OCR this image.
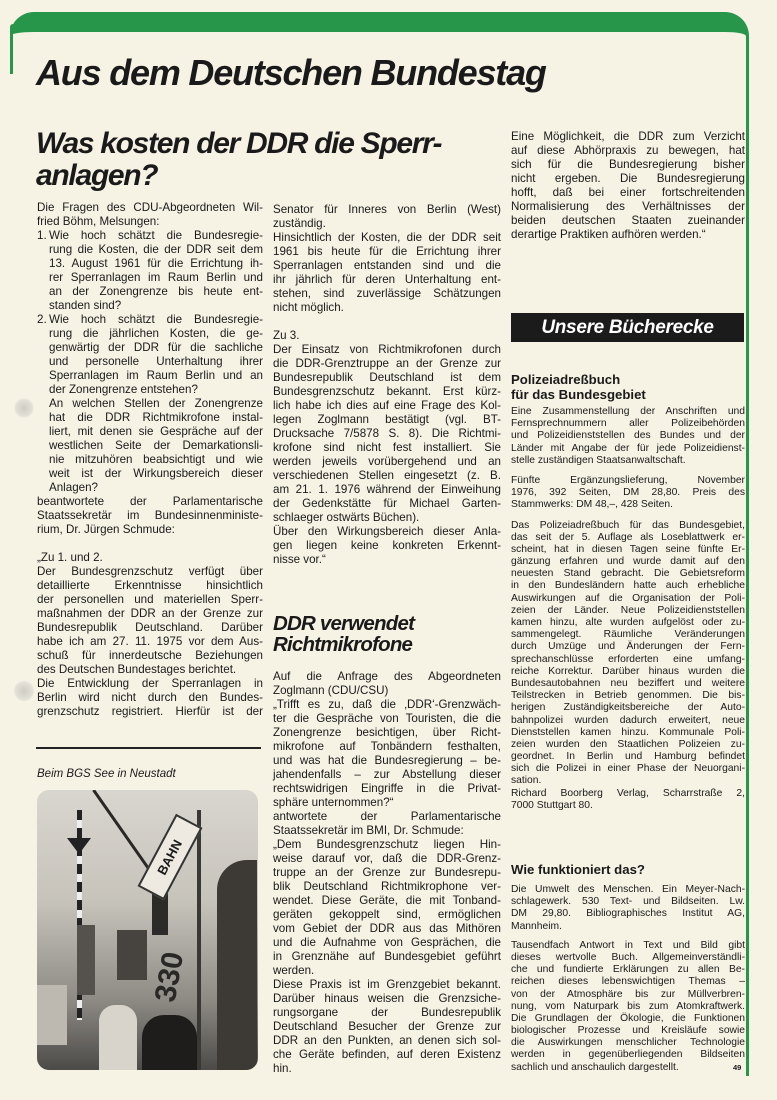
Aus dem Deutschen Bundestag
Was kosten der DDR die Sperr-
anlagen?
Die Fragen des CDU-Abgeordneten Wil-
fried Böhm, Melsungen:
1. Wie hoch schätzt die Bundesregie-
rung die Kosten, die der DDR seit dem
13. August 1961 für die Errichtung ih-
rer Sperranlagen im Raum Berlin und
an der Zonengrenze bis heute ent-
standen sind?
2. Wie hoch schätzt die Bundesregie-
rung die jährlichen Kosten, die ge-
genwärtig der DDR für die sachliche
und personelle Unterhaltung ihrer
Sperranlagen im Raum Berlin und an
der Zonengrenze entstehen?
An welchen Stellen der Zonengrenze
hat die DDR Richtmikrofone instal-
liert, mit denen sie Gespräche auf der
westlichen Seite der Demarkationsli-
nie mitzuhören beabsichtigt und wie
weit ist der Wirkungsbereich dieser
Anlagen?
beantwortete der Parlamentarische
Staatssekretär im Bundesinnenministe-
rium, Dr. Jürgen Schmude:
„Zu 1. und 2.
Der Bundesgrenzschutz verfügt über
detaillierte Erkenntnisse hinsichtlich
der personellen und materiellen Sperr-
maßnahmen der DDR an der Grenze zur
Bundesrepublik Deutschland. Darüber
habe ich am 27. 11. 1975 vor dem Aus-
schuß für innerdeutsche Beziehungen
des Deutschen Bundestages berichtet.
Die Entwicklung der Sperranlagen in
Berlin wird nicht durch den Bundes-
grenzschutz registriert. Hierfür ist der
Beim BGS See in Neustadt
BAHN
330
Senator für Inneres von Berlin (West)
zuständig.
Hinsichtlich der Kosten, die der DDR seit
1961 bis heute für die Errichtung ihrer
Sperranlagen entstanden sind und die
ihr jährlich für deren Unterhaltung ent-
stehen, sind zuverlässige Schätzungen
nicht möglich.
Zu 3.
Der Einsatz von Richtmikrofonen durch
die DDR-Grenztruppe an der Grenze zur
Bundesrepublik Deutschland ist dem
Bundesgrenzschutz bekannt. Erst kürz-
lich habe ich dies auf eine Frage des Kol-
legen Zoglmann bestätigt (vgl. BT-
Drucksache 7/5878 S. 8). Die Richtmi-
krofone sind nicht fest installiert. Sie
werden jeweils vorübergehend und an
verschiedenen Stellen eingesetzt (z. B.
am 21. 1. 1976 während der Einweihung
der Gedenkstätte für Michael Garten-
schlaeger ostwärts Büchen).
Über den Wirkungsbereich dieser Anla-
gen liegen keine konkreten Erkennt-
nisse vor.“
DDR verwendet
Richtmikrofone
Auf die Anfrage des Abgeordneten
Zoglmann (CDU/CSU)
„Trifft es zu, daß die ‚DDR‘-Grenzwäch-
ter die Gespräche von Touristen, die die
Zonengrenze besichtigen, über Richt-
mikrofone auf Tonbändern festhalten,
und was hat die Bundesregierung – be-
jahendenfalls – zur Abstellung dieser
rechtswidrigen Eingriffe in die Privat-
sphäre unternommen?“
antwortete der Parlamentarische
Staatssekretär im BMI, Dr. Schmude:
„Dem Bundesgrenzschutz liegen Hin-
weise darauf vor, daß die DDR-Grenz-
truppe an der Grenze zur Bundesrepu-
blik Deutschland Richtmikrophone ver-
wendet. Diese Geräte, die mit Tonband-
geräten gekoppelt sind, ermöglichen
vom Gebiet der DDR aus das Mithören
und die Aufnahme von Gesprächen, die
in Grenznähe auf Bundesgebiet geführt
werden.
Diese Praxis ist im Grenzgebiet bekannt.
Darüber hinaus weisen die Grenzsiche-
rungsorgane der Bundesrepublik
Deutschland Besucher der Grenze zur
DDR an den Punkten, an denen sich sol-
che Geräte befinden, auf deren Existenz
hin.
Eine Möglichkeit, die DDR zum Verzicht
auf diese Abhörpraxis zu bewegen, hat
sich für die Bundesregierung bisher
nicht ergeben. Die Bundesregierung
hofft, daß bei einer fortschreitenden
Normalisierung des Verhältnisses der
beiden deutschen Staaten zueinander
derartige Praktiken aufhören werden.“
Unsere Bücherecke
Polizeiadreßbuch
für das Bundesgebiet
Eine Zusammenstellung der Anschriften und
Fernsprechnummern aller Polizeibehörden
und Polizeidienststellen des Bundes und der
Länder mit Angabe der für jede Polizeidienst-
stelle zuständigen Staatsanwaltschaft.
Fünfte Ergänzungslieferung, November
1976, 392 Seiten, DM 28,80. Preis des
Stammwerks: DM 48,–, 428 Seiten.
Das Polizeiadreßbuch für das Bundesgebiet,
das seit der 5. Auflage als Loseblattwerk er-
scheint, hat in diesen Tagen seine fünfte Er-
gänzung erfahren und wurde damit auf den
neuesten Stand gebracht. Die Gebietsreform
in den Bundesländern hatte auch erhebliche
Auswirkungen auf die Organisation der Poli-
zeien der Länder. Neue Polizeidienststellen
kamen hinzu, alte wurden aufgelöst oder zu-
sammengelegt. Räumliche Veränderungen
durch Umzüge und Änderungen der Fern-
sprechanschlüsse erforderten eine umfang-
reiche Korrektur. Darüber hinaus wurden die
Bundesautobahnen neu beziffert und weitere
Teilstrecken in Betrieb genommen. Die bis-
herigen Zuständigkeitsbereiche der Auto-
bahnpolizei wurden dadurch erweitert, neue
Dienststellen kamen hinzu. Kommunale Poli-
zeien wurden den Staatlichen Polizeien zu-
geordnet. In Berlin und Hamburg befindet
sich die Polizei in einer Phase der Neuorgani-
sation.
Richard Boorberg Verlag, Scharrstraße 2,
7000 Stuttgart 80.
Wie funktioniert das?
Die Umwelt des Menschen. Ein Meyer-Nach-
schlagewerk. 530 Text- und Bildseiten. Lw.
DM 29,80. Bibliographisches Institut AG,
Mannheim.
Tausendfach Antwort in Text und Bild gibt
dieses wertvolle Buch. Allgemeinverständli-
che und fundierte Erklärungen zu allen Be-
reichen dieses lebenswichtigen Themas –
von der Atmosphäre bis zur Müllverbren-
nung, vom Naturpark bis zum Atomkraftwerk.
Die Grundlagen der Ökologie, die Funktionen
biologischer Prozesse und Kreisläufe sowie
die Auswirkungen menschlicher Technologie
werden in gegenüberliegenden Bildseiten
sachlich und anschaulich dargestellt.	49
